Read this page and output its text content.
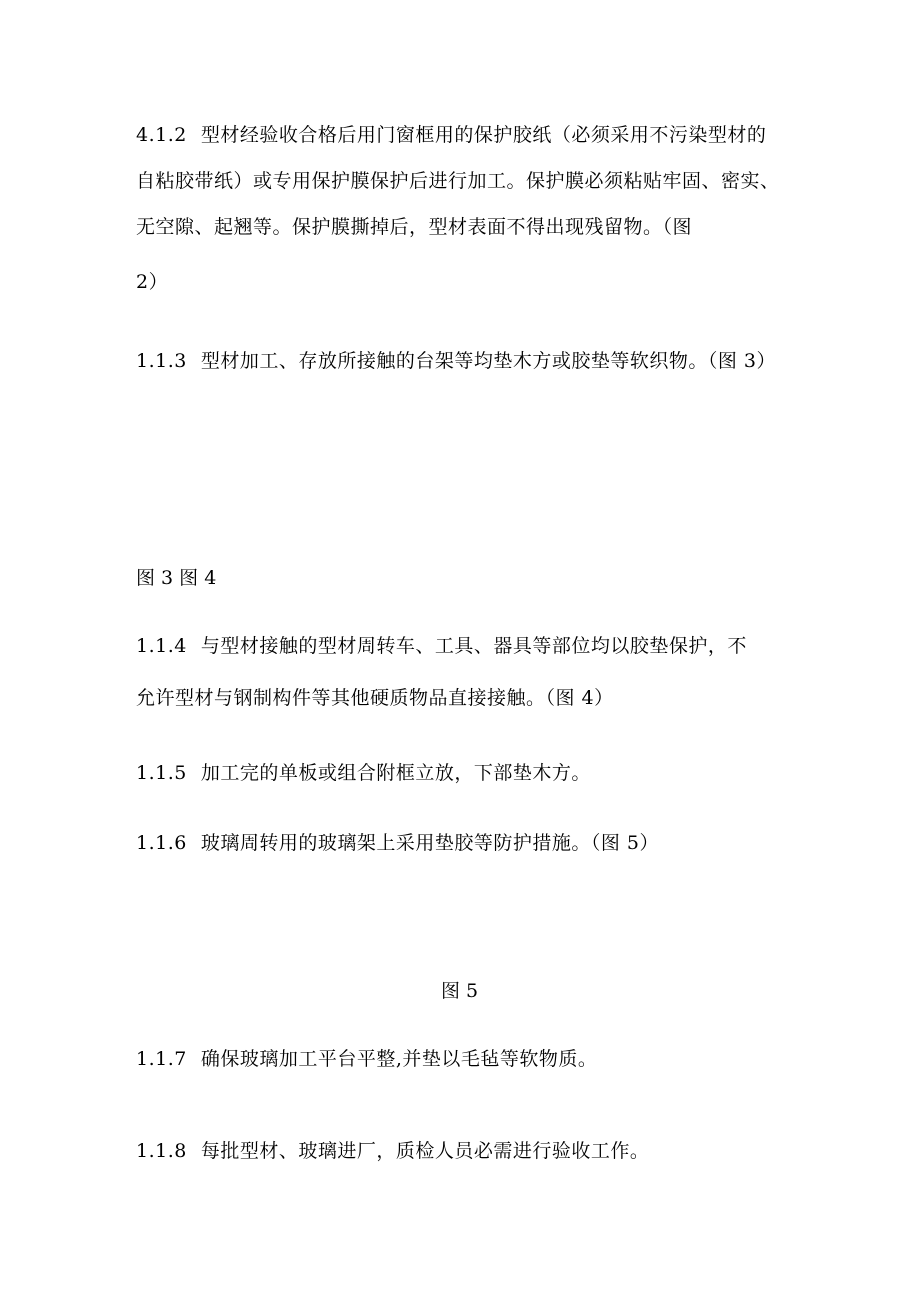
4.1.2 型材经验收合格后用门窗框用的保护胶纸（必须采用不污染型材的
自粘胶带纸）或专用保护膜保护后进行加工。保护膜必须粘贴牢固、密实、
无空隙、起翘等。保护膜撕掉后，型材表面不得出现残留物。（图
2）
1.1.3 型材加工、存放所接触的台架等均垫木方或胶垫等软织物。（图 3）
图 3 图 4
1.1.4 与型材接触的型材周转车、工具、器具等部位均以胶垫保护，不
允许型材与钢制构件等其他硬质物品直接接触。（图 4）
1.1.5 加工完的单板或组合附框立放，下部垫木方。
1.1.6 玻璃周转用的玻璃架上采用垫胶等防护措施。（图 5）
图 5
1.1.7 确保玻璃加工平台平整,并垫以毛毡等软物质。
1.1.8 每批型材、玻璃进厂，质检人员必需进行验收工作。
